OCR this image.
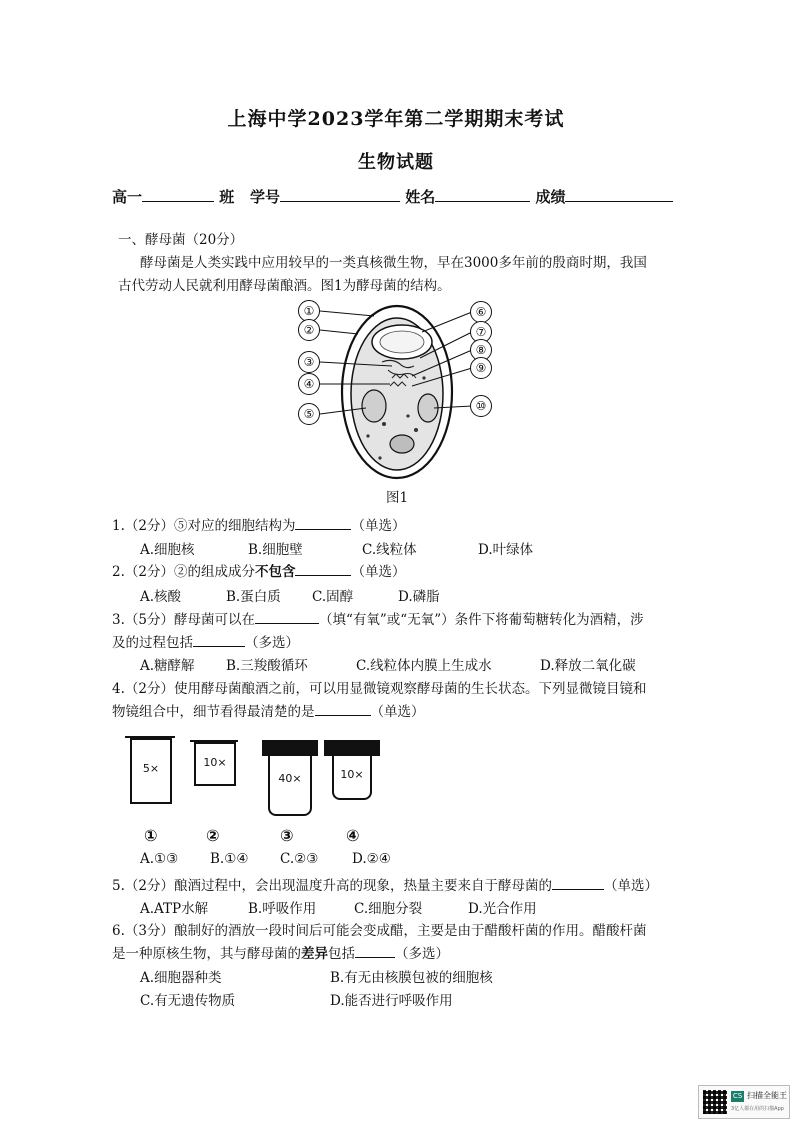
上海中学2023学年第二学期期末考试
生物试题
高一	班 学号	姓名	成绩
一、酵母菌（20分）
酵母菌是人类实践中应用较早的一类真核微生物，早在3000多年前的殷商时期，我国
古代劳动人民就利用酵母菌酿酒。图1为酵母菌的结构。
①
②
③
④
⑤
⑥
⑦
⑧
⑨
⑩
图1
1.（2分）⑤对应的细胞结构为	（单选）
A.细胞核	B.细胞壁	C.线粒体	D.叶绿体
2.（2分）②的组成成分不包含	（单选）
A.核酸	B.蛋白质 C.固醇	D.磷脂
3.（5分）酵母菌可以在	（填“有氧”或“无氧”）条件下将葡萄糖转化为酒精，涉
及的过程包括	（多选）
A.糖酵解 B.三羧酸循环	C.线粒体内膜上生成水	D.释放二氧化碳
4.（2分）使用酵母菌酿酒之前，可以用显微镜观察酵母菌的生长状态。下列显微镜目镜和
物镜组合中，细节看得最清楚的是	（单选）
5×	10×
40×	10×
①	②	③	④
A.①③ B.①④ C.②③ D.②④
5.（2分）酿酒过程中，会出现温度升高的现象，热量主要来自于酵母菌的	（单选）
A.ATP水解	B.呼吸作用	C.细胞分裂	D.光合作用
6.（3分）酿制好的酒放一段时间后可能会变成醋，主要是由于醋酸杆菌的作用。醋酸杆菌
是一种原核生物，其与酵母菌的差异包括	（多选）
A.细胞器种类	B.有无由核膜包被的细胞核
C.有无遗传物质	D.能否进行呼吸作用
CS 扫描全能王
3亿人都在用的扫描App
